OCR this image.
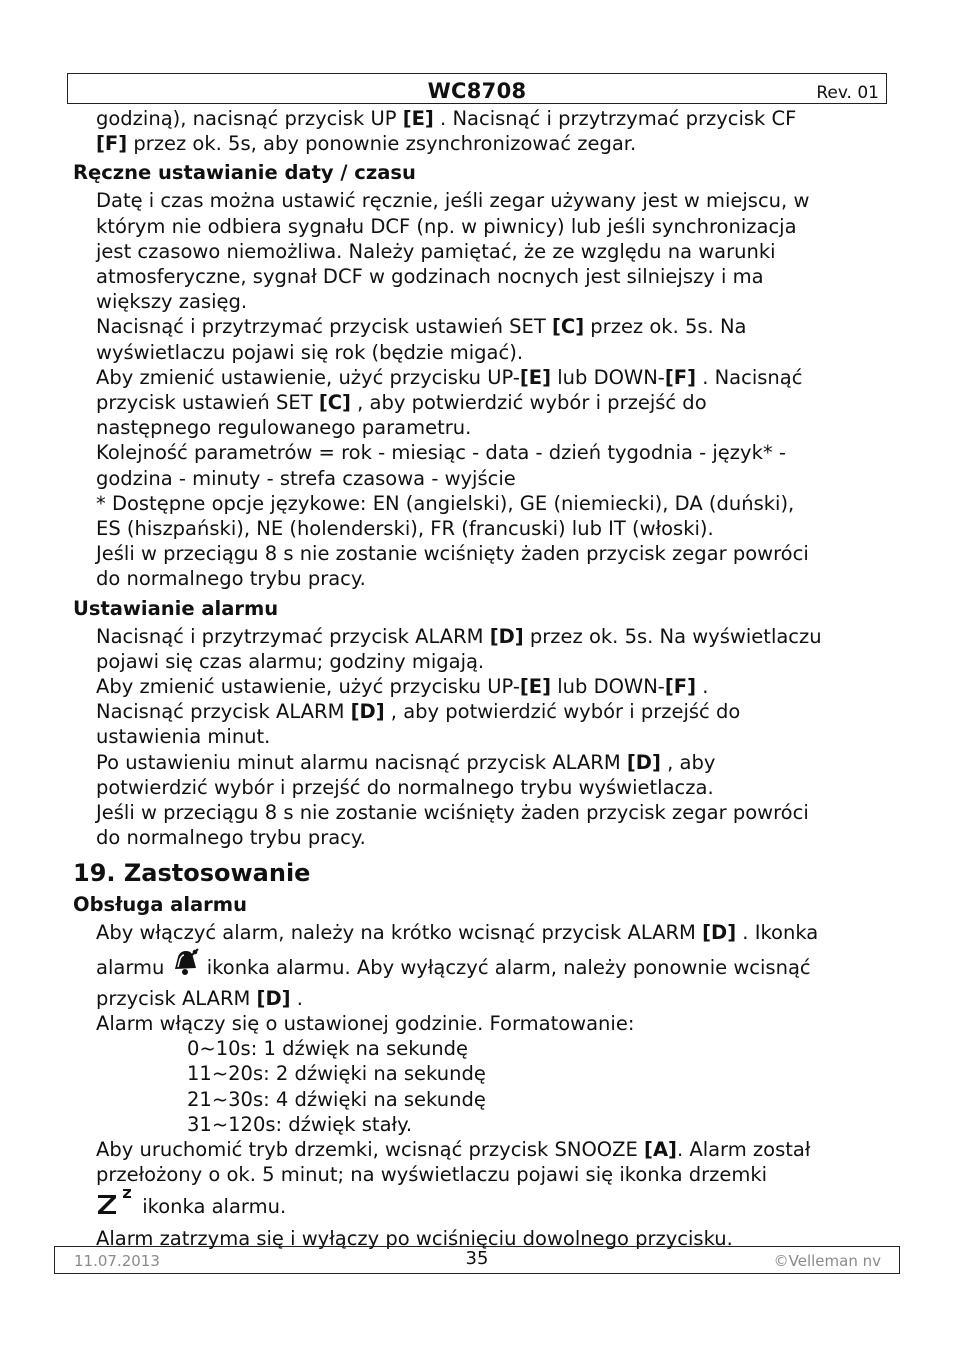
WC8708	Rev. 01
godziną), nacisnąć przycisk UP [E] . Nacisnąć i przytrzymać przycisk CF
[F] przez ok. 5s, aby ponownie zsynchronizować zegar.
Ręczne ustawianie daty / czasu
Datę i czas można ustawić ręcznie, jeśli zegar używany jest w miejscu, w
którym nie odbiera sygnału DCF (np. w piwnicy) lub jeśli synchronizacja
jest czasowo niemożliwa. Należy pamiętać, że ze względu na warunki
atmosferyczne, sygnał DCF w godzinach nocnych jest silniejszy i ma
większy zasięg.
Nacisnąć i przytrzymać przycisk ustawień SET [C] przez ok. 5s. Na
wyświetlaczu pojawi się rok (będzie migać).
Aby zmienić ustawienie, użyć przycisku UP-[E] lub DOWN-[F] . Nacisnąć
przycisk ustawień SET [C] , aby potwierdzić wybór i przejść do
następnego regulowanego parametru.
Kolejność parametrów = rok - miesiąc - data - dzień tygodnia - język* -
godzina - minuty - strefa czasowa - wyjście
* Dostępne opcje językowe: EN (angielski), GE (niemiecki), DA (duński),
ES (hiszpański), NE (holenderski), FR (francuski) lub IT (włoski).
Jeśli w przeciągu 8 s nie zostanie wciśnięty żaden przycisk zegar powróci
do normalnego trybu pracy.
Ustawianie alarmu
Nacisnąć i przytrzymać przycisk ALARM [D] przez ok. 5s. Na wyświetlaczu
pojawi się czas alarmu; godziny migają.
Aby zmienić ustawienie, użyć przycisku UP-[E] lub DOWN-[F] .
Nacisnąć przycisk ALARM [D] , aby potwierdzić wybór i przejść do
ustawienia minut.
Po ustawieniu minut alarmu nacisnąć przycisk ALARM [D] , aby
potwierdzić wybór i przejść do normalnego trybu wyświetlacza.
Jeśli w przeciągu 8 s nie zostanie wciśnięty żaden przycisk zegar powróci
do normalnego trybu pracy.
19. Zastosowanie
Obsługa alarmu
Aby włączyć alarm, należy na krótko wcisnąć przycisk ALARM [D] . Ikonka
alarmu  ikonka alarmu. Aby wyłączyć alarm, należy ponownie wcisnąć
przycisk ALARM [D] .
Alarm włączy się o ustawionej godzinie. Formatowanie:
0~10s: 1 dźwięk na sekundę
11~20s: 2 dźwięki na sekundę
21~30s: 4 dźwięki na sekundę
31~120s: dźwięk stały.
Aby uruchomić tryb drzemki, wcisnąć przycisk SNOOZE [A]. Alarm został
przełożony o ok. 5 minut; na wyświetlaczu pojawi się ikonka drzemki
ikonka alarmu.
Alarm zatrzyma się i wyłączy po wciśnięciu dowolnego przycisku.
11.07.2013	35	©Velleman nv
